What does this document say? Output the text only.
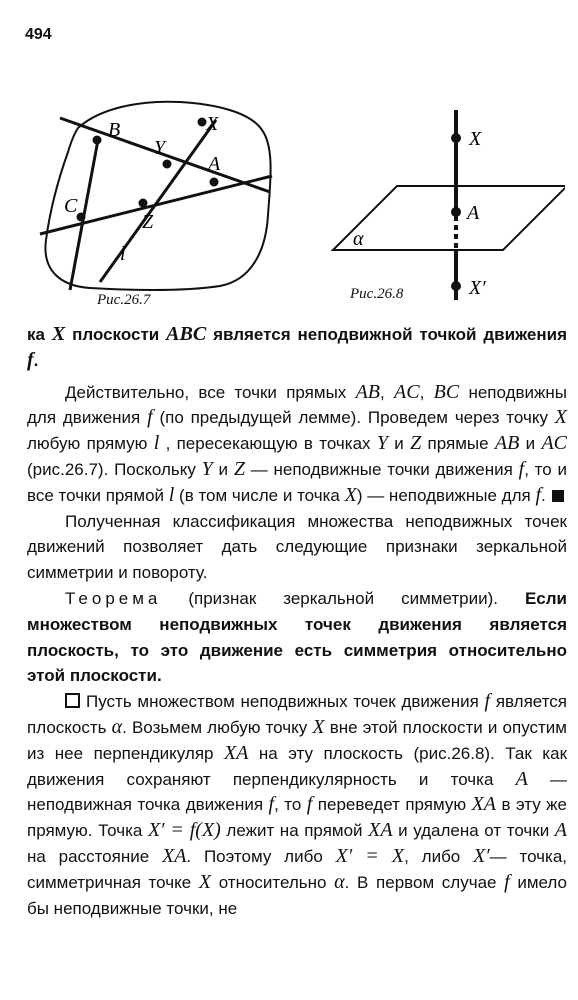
494
B	X
Y
A
C
Z
l
Рис.26.7
X
A
α
X′
Рис.26.8

ка X плоскости ABC является неподвижной точкой движения f.

Действительно, все точки прямых AB, AC, BC неподвижны для движения f (по предыдущей лемме). Проведем через точку X любую прямую l , пересекающую в точках Y и Z прямые AB и AC (рис.26.7). Поскольку Y и Z — неподвижные точки движения f, то и все точки прямой l (в том числе и точка X) — неподвижные для f.

Полученная классификация множества неподвижных точек движений позволяет дать следующие признаки зеркальной симметрии и повороту.

Теорема (признак зеркальной симметрии). Если множеством неподвижных точек движения является плоскость, то это движение есть симметрия относительно этой плоскости.

Пусть множеством неподвижных точек движения f является плоскость α. Возьмем любую точку X вне этой плоскости и опустим из нее перпендикуляр XA на эту плоскость (рис.26.8). Так как движения сохраняют перпендикулярность и точка A — неподвижная точка движения f, то f переведет прямую XA в эту же прямую. Точка X′ = f(X) лежит на прямой XA и удалена от точки A на расстояние XA. Поэтому либо X′ = X, либо X′— точка, симметричная точке X относительно α. В первом случае f имело бы неподвижные точки, не
